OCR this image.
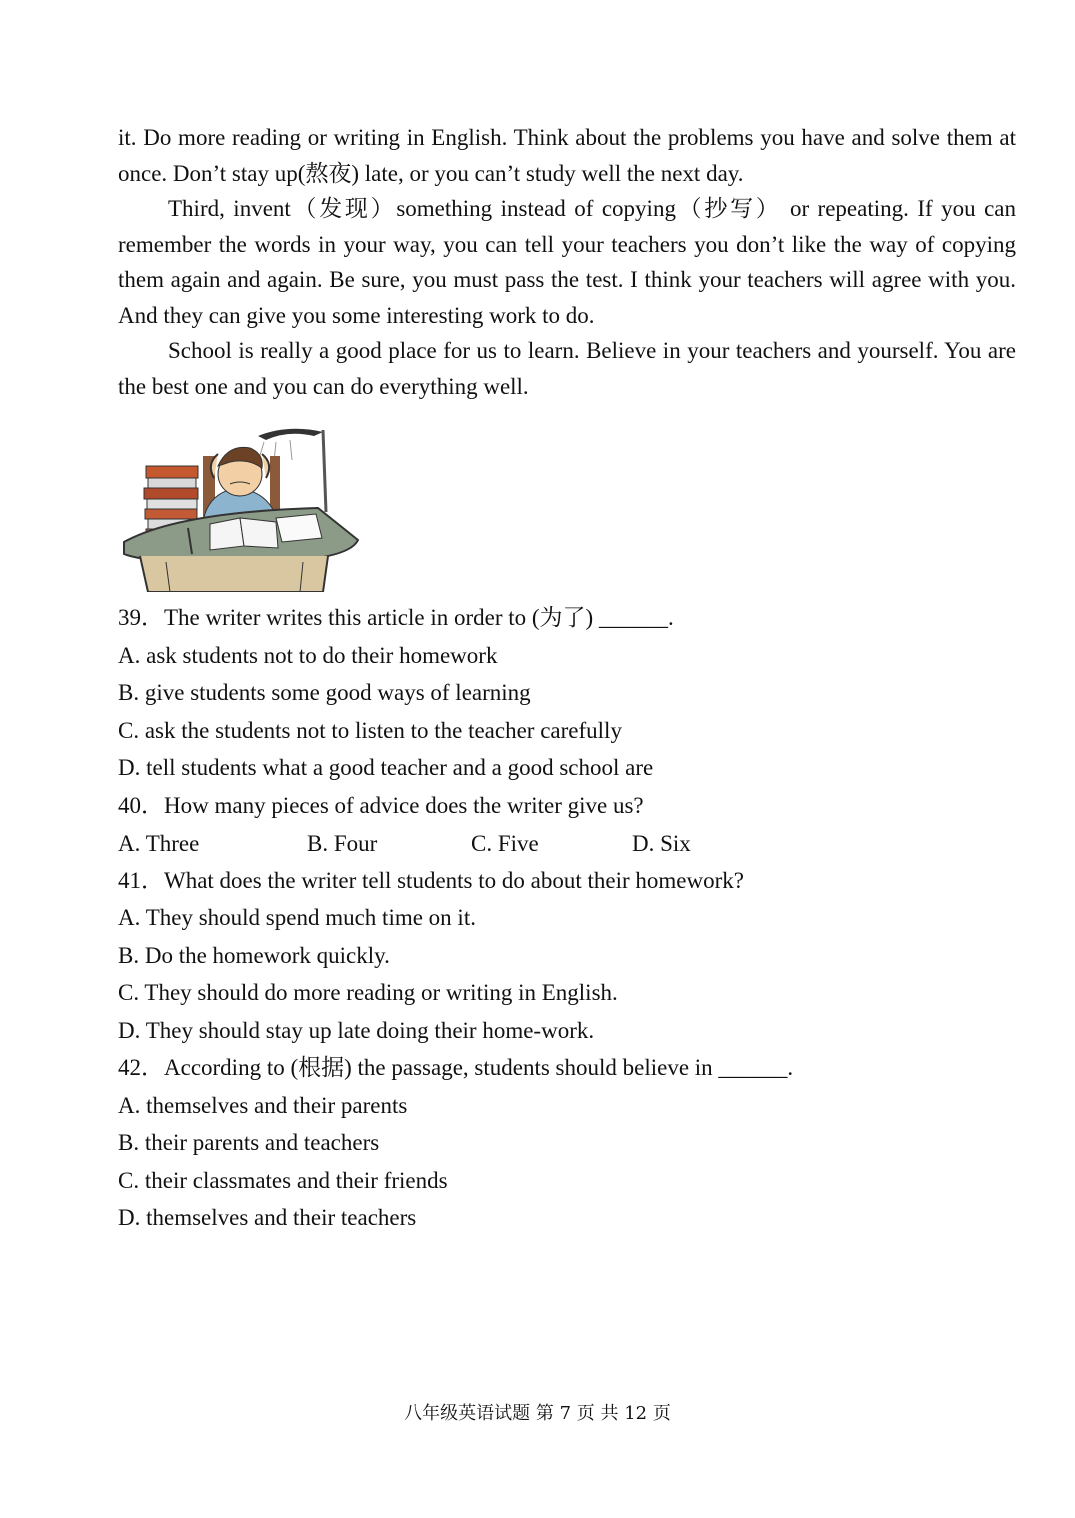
it. Do more reading or writing in English. Think about the problems you have and solve them at once. Don’t stay up(熬夜) late, or you can’t study well the next day.

Third, invent（发现）something instead of copying（抄写） or repeating. If you can remember the words in your way, you can tell your teachers you don’t like the way of copying them again and again. Be sure, you must pass the test. I think your teachers will agree with you. And they can give you some interesting work to do.

School is really a good place for us to learn. Believe in your teachers and yourself. You are the best one and you can do everything well.

39．The writer writes this article in order to (为了) ______.

A. ask students not to do their homework

B. give students some good ways of learning

C. ask the students not to listen to the teacher carefully

D. tell students what a good teacher and a good school are

40．How many pieces of advice does the writer give us?

A. Three	B. Four	C. Five	D. Six

41．What does the writer tell students to do about their homework?

A. They should spend much time on it.

B. Do the homework quickly.

C. They should do more reading or writing in English.

D. They should stay up late doing their home-work.

42．According to (根据) the passage, students should believe in ______.

A. themselves and their parents

B. their parents and teachers

C. their classmates and their friends

D. themselves and their teachers

八年级英语试题 第 7 页 共 12 页
